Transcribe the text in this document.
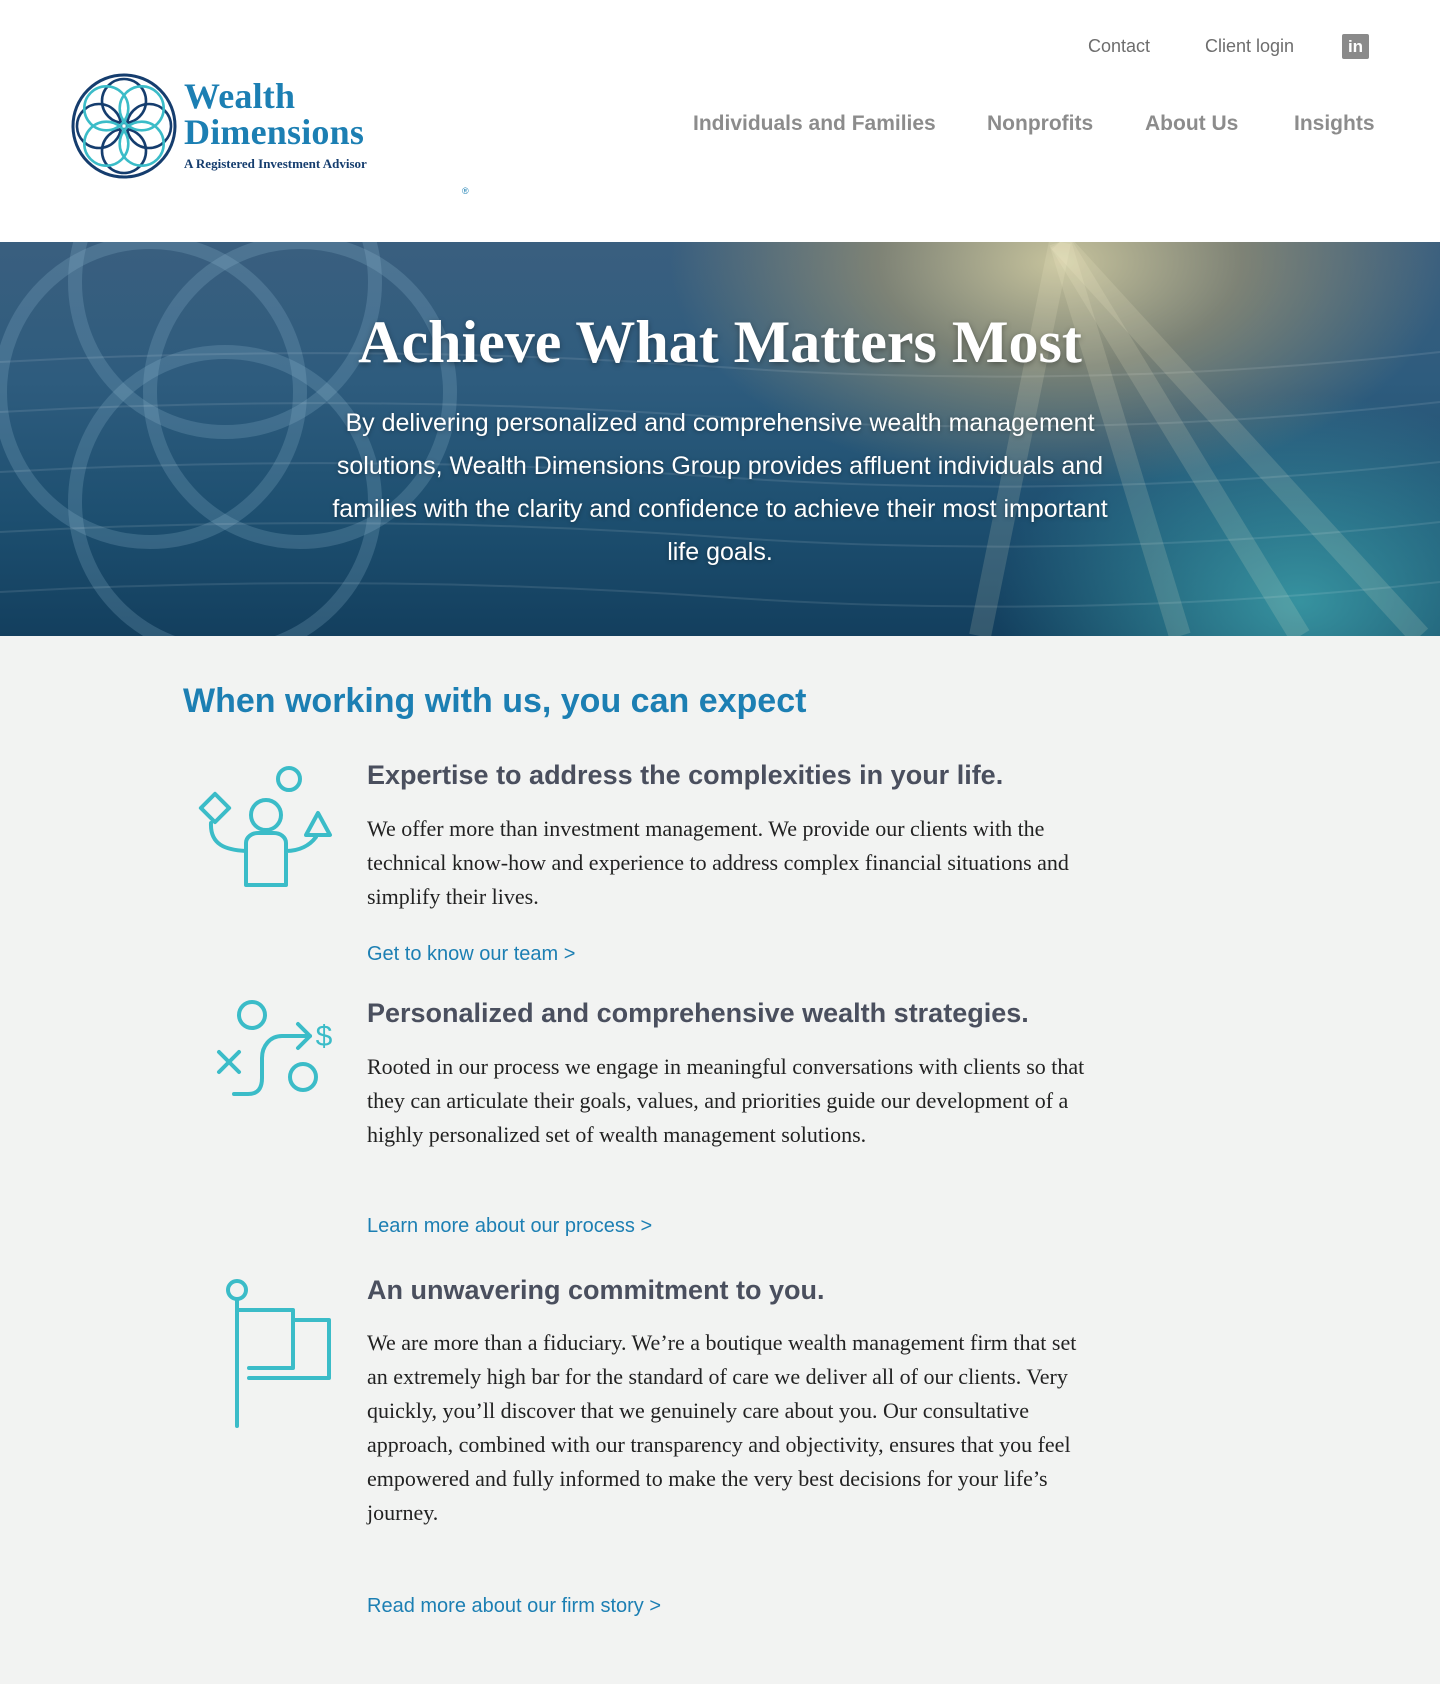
Wealth
Dimensions
A Registered Investment Advisor
®
Contact	Client login	in
Individuals and Families Nonprofits About Us	Insights
Achieve What Matters Most

By delivering personalized and comprehensive wealth management solutions, Wealth Dimensions Group provides affluent individuals and families with the clarity and confidence to achieve their most important life goals.

When working with us, you can expect
Expertise to address the complexities in your life.

We offer more than investment management. We provide our clients with the technical know-how and experience to address complex financial situations and simplify their lives.

Get to know our team >
$
Personalized and comprehensive wealth strategies.

Rooted in our process we engage in meaningful conversations with clients so that they can articulate their goals, values, and priorities guide our development of a highly personalized set of wealth management solutions.

Learn more about our process >
An unwavering commitment to you.

We are more than a fiduciary. We’re a boutique wealth management firm that set an extremely high bar for the standard of care we deliver all of our clients. Very quickly, you’ll discover that we genuinely care about you. Our consultative approach, combined with our transparency and objectivity, ensures that you feel empowered and fully informed to make the very best decisions for your life’s journey.

Read more about our firm story >
